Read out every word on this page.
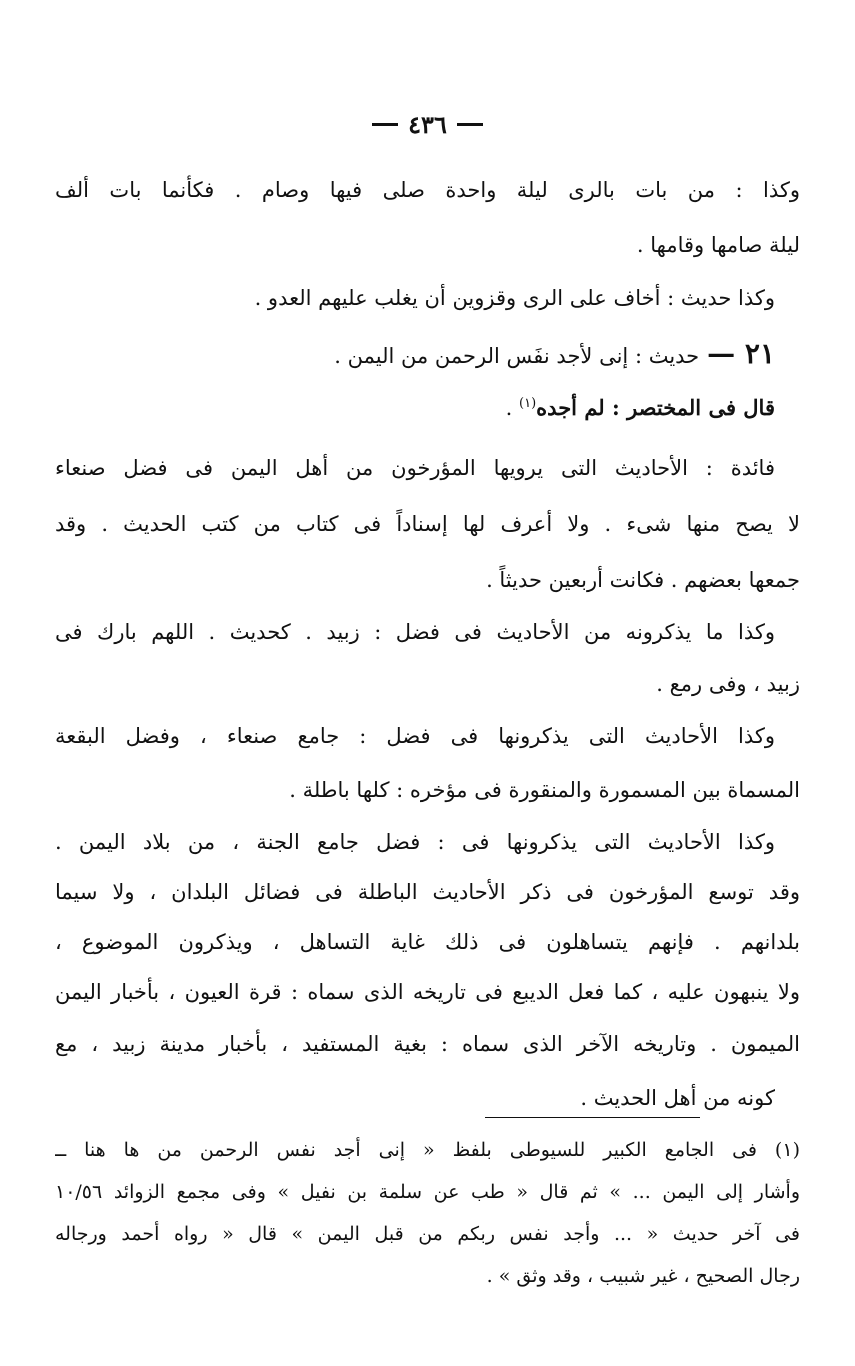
٤٣٦
وكذا : من بات بالرى ليلة واحدة صلى فيها وصام . فكأنما بات ألف
ليلة صامها وقامها .
وكذا حديث : أخاف على الرى وقزوين أن يغلب عليهم العدو .
٢١ —حديث : إنى لأجد نفَس الرحمن من اليمن .
قال فى المختصر : لم أجده$^{(١)}$ .
فائدة : الأحاديث التى يرويها المؤرخون من أهل اليمن فى فضل صنعاء
لا يصح منها شىء . ولا أعرف لها إسناداً فى كتاب من كتب الحديث . وقد
جمعها بعضهم . فكانت أربعين حديثاً .
وكذا ما يذكرونه من الأحاديث فى فضل : زبيد . كحديث . اللهم بارك فى
زبيد ، وفى رمع .
وكذا الأحاديث التى يذكرونها فى فضل : جامع صنعاء ، وفضل البقعة
المسماة بين المسمورة والمنقورة فى مؤخره : كلها باطلة .
وكذا الأحاديث التى يذكرونها فى : فضل جامع الجنة ، من بلاد اليمن .
وقد توسع المؤرخون فى ذكر الأحاديث الباطلة فى فضائل البلدان ، ولا سيما
بلدانهم . فإنهم يتساهلون فى ذلك غاية التساهل ، ويذكرون الموضوع ،
ولا ينبهون عليه ، كما فعل الديبع فى تاريخه الذى سماه : قرة العيون ، بأخبار اليمن
الميمون . وتاريخه الآخر الذى سماه : بغية المستفيد ، بأخبار مدينة زبيد ، مع
كونه من أهل الحديث .
(١) فى الجامع الكبير للسيوطى بلفظ « إنى أجد نفس الرحمن من ها هنا ــ
وأشار إلى اليمن ... » ثم قال « طب عن سلمة بن نفيل » وفى مجمع الزوائد ١٠/٥٦
فى آخر حديث « ... وأجد نفس ربكم من قبل اليمن » قال « رواه أحمد ورجاله
رجال الصحيح ، غير شبيب ، وقد وثق » .
